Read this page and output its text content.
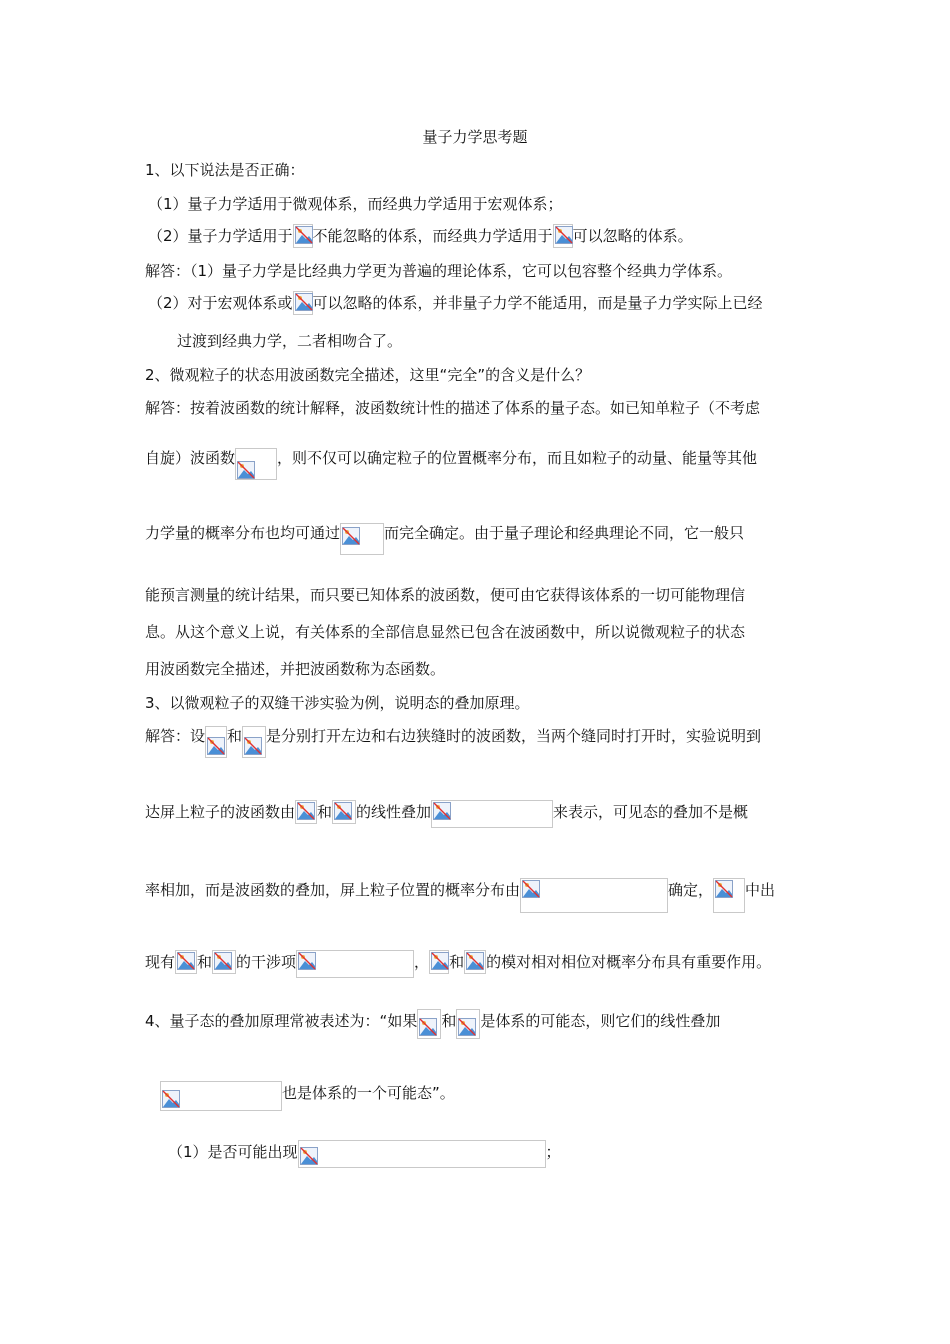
量子力学思考题
1、以下说法是否正确：
（1）量子力学适用于微观体系，而经典力学适用于宏观体系；
（2）量子力学适用于 不能忽略的体系，而经典力学适用于 可以忽略的体系。
解答：（1）量子力学是比经典力学更为普遍的理论体系，它可以包容整个经典力学体系。
（2）对于宏观体系或 可以忽略的体系，并非量子力学不能适用，而是量子力学实际上已经
过渡到经典力学，二者相吻合了。
2、微观粒子的状态用波函数完全描述，这里“完全”的含义是什么？
解答：按着波函数的统计解释，波函数统计性的描述了体系的量子态。如已知单粒子（不考虑
自旋）波函数	，则不仅可以确定粒子的位置概率分布，而且如粒子的动量、能量等其他
力学量的概率分布也均可通过	而完全确定。由于量子理论和经典理论不同，它一般只
能预言测量的统计结果，而只要已知体系的波函数，便可由它获得该体系的一切可能物理信
息。从这个意义上说，有关体系的全部信息显然已包含在波函数中，所以说微观粒子的状态
用波函数完全描述，并把波函数称为态函数。
3、以微观粒子的双缝干涉实验为例，说明态的叠加原理。
解答：设 和 是分别打开左边和右边狭缝时的波函数，当两个缝同时打开时，实验说明到
达屏上粒子的波函数由 和 的线性叠加	来表示，可见态的叠加不是概
率相加，而是波函数的叠加，屏上粒子位置的概率分布由	确定， 中出
现有 和 的干涉项	， 和 的模对相对相位对概率分布具有重要作用。
4、量子态的叠加原理常被表述为：“如果 和 是体系的可能态，则它们的线性叠加
也是体系的一个可能态”。
（1）是否可能出现	；
